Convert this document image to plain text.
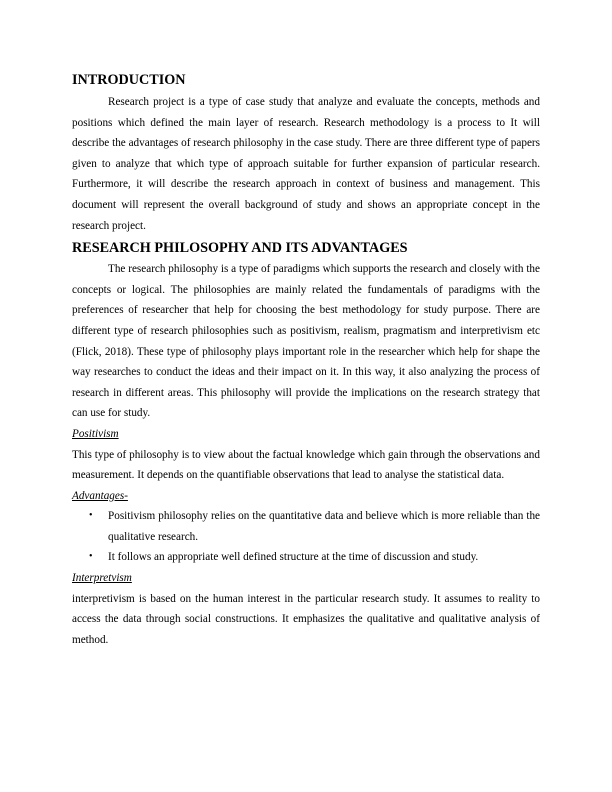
INTRODUCTION

Research project is a type of case study that analyze and evaluate the concepts, methods and positions which defined the main layer of research. Research methodology is a process to It will describe the advantages of research philosophy in the case study. There are three different type of papers given to analyze that which type of approach suitable for further expansion of particular research. Furthermore, it will describe the research approach in context of business and management. This document will represent the overall background of study and shows an appropriate concept in the research project.

RESEARCH PHILOSOPHY AND ITS ADVANTAGES

The research philosophy is a type of paradigms which supports the research and closely with the concepts or logical. The philosophies are mainly related the fundamentals of paradigms with the preferences of researcher that help for choosing the best methodology for study purpose. There are different type of research philosophies such as positivism, realism, pragmatism and interpretivism etc (Flick, 2018). These type of philosophy plays important role in the researcher which help for shape the way researches to conduct the ideas and their impact on it. In this way, it also analyzing the process of research in different areas. This philosophy will provide the implications on the research strategy that can use for study.

Positivism

This type of philosophy is to view about the factual knowledge which gain through the observations and measurement. It depends on the quantifiable observations that lead to analyse the statistical data.

Advantages-
• Positivism philosophy relies on the quantitative data and believe which is more reliable than the qualitative research.
• It follows an appropriate well defined structure at the time of discussion and study.
Interpretvism

interpretivism is based on the human interest in the particular research study. It assumes to reality to access the data through social constructions. It emphasizes the qualitative and qualitative analysis of method.
